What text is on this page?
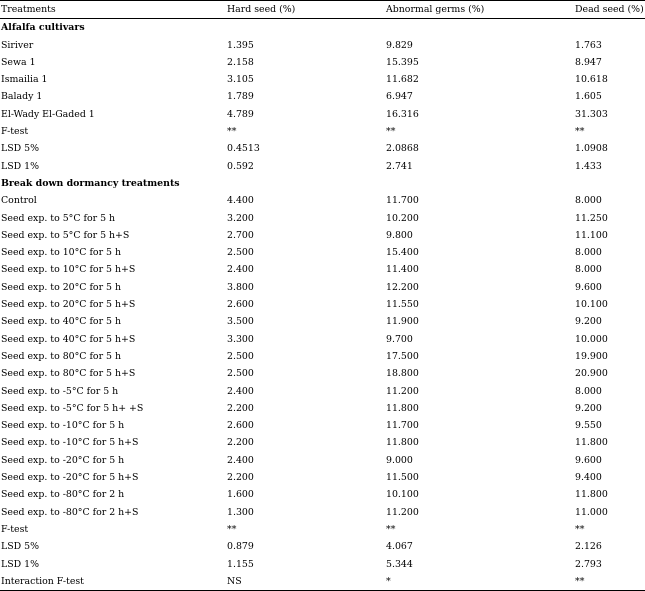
Treatments	Hard seed (%)	Abnormal germs (%)	Dead seed (%)
Alfalfa cultivars			
Siriver	1.395	9.829	1.763
Sewa 1	2.158	15.395	8.947
Ismailia 1	3.105	11.682	10.618
Balady 1	1.789	6.947	1.605
El-Wady El-Gaded 1	4.789	16.316	31.303
F-test	**	**	**
LSD 5%	0.4513	2.0868	1.0908
LSD 1%	0.592	2.741	1.433
Break down dormancy treatments			
Control	4.400	11.700	8.000
Seed exp. to 5°C for 5 h	3.200	10.200	11.250
Seed exp. to 5°C for 5 h+S	2.700	9.800	11.100
Seed exp. to 10°C for 5 h	2.500	15.400	8.000
Seed exp. to 10°C for 5 h+S	2.400	11.400	8.000
Seed exp. to 20°C for 5 h	3.800	12.200	9.600
Seed exp. to 20°C for 5 h+S	2.600	11.550	10.100
Seed exp. to 40°C for 5 h	3.500	11.900	9.200
Seed exp. to 40°C for 5 h+S	3.300	9.700	10.000
Seed exp. to 80°C for 5 h	2.500	17.500	19.900
Seed exp. to 80°C for 5 h+S	2.500	18.800	20.900
Seed exp. to -5°C for 5 h	2.400	11.200	8.000
Seed exp. to -5°C for 5 h+ +S	2.200	11.800	9.200
Seed exp. to -10°C for 5 h	2.600	11.700	9.550
Seed exp. to -10°C for 5 h+S	2.200	11.800	11.800
Seed exp. to -20°C for 5 h	2.400	9.000	9.600
Seed exp. to -20°C for 5 h+S	2.200	11.500	9.400
Seed exp. to -80°C for 2 h	1.600	10.100	11.800
Seed exp. to -80°C for 2 h+S	1.300	11.200	11.000
F-test	**	**	**
LSD 5%	0.879	4.067	2.126
LSD 1%	1.155	5.344	2.793
Interaction F-test	NS	*	**
